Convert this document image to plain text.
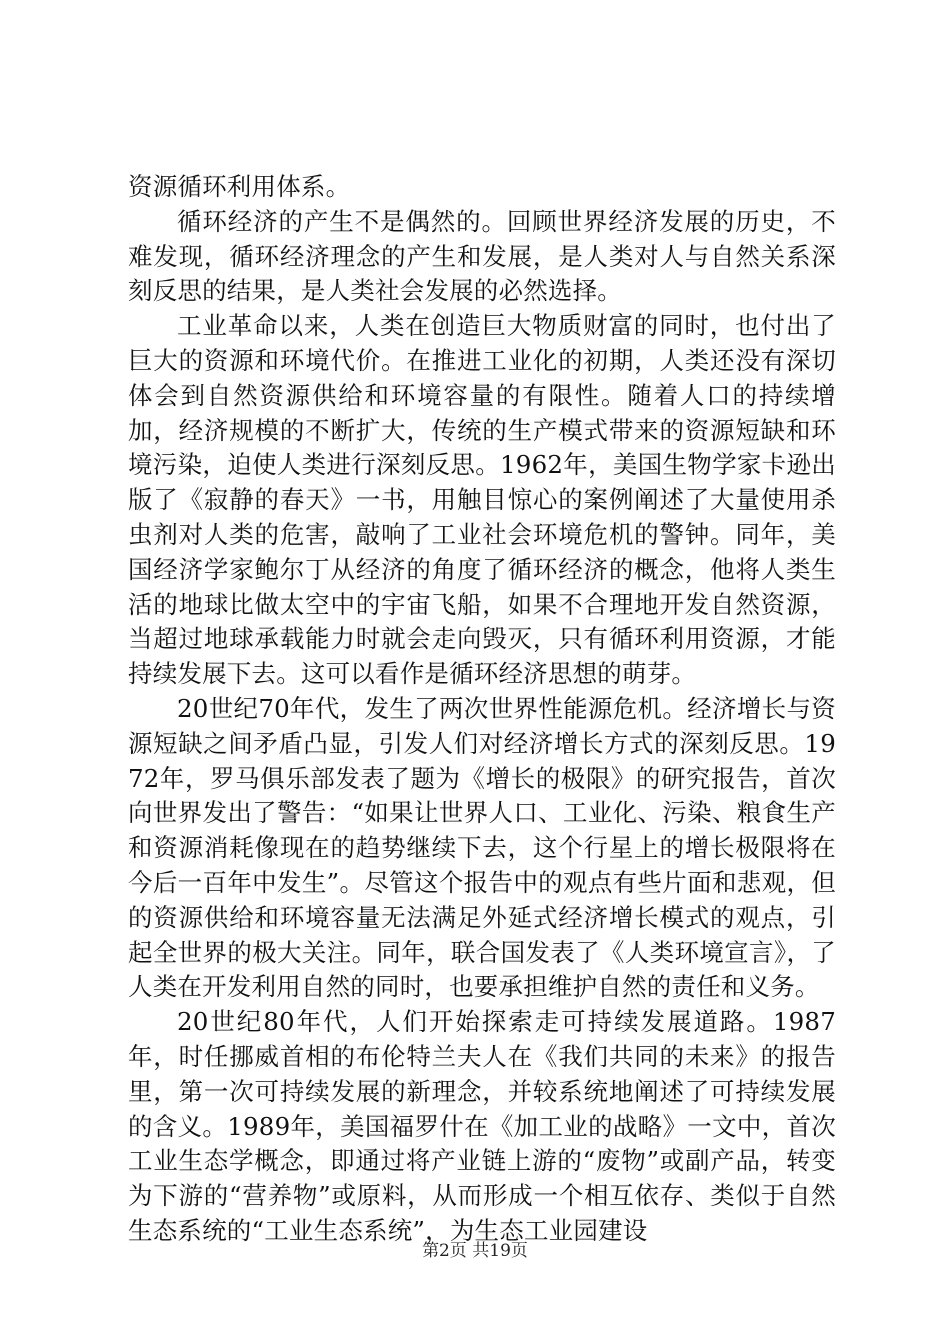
资源循环利用体系。

循环经济的产生不是偶然的。回顾世界经济发展的历史，不难发现，循环经济理念的产生和发展，是人类对人与自然关系深刻反思的结果，是人类社会发展的必然选择。

工业革命以来，人类在创造巨大物质财富的同时，也付出了巨大的资源和环境代价。在推进工业化的初期，人类还没有深切体会到自然资源供给和环境容量的有限性。随着人口的持续增加，经济规模的不断扩大，传统的生产模式带来的资源短缺和环境污染，迫使人类进行深刻反思。1962年，美国生物学家卡逊出版了《寂静的春天》一书，用触目惊心的案例阐述了大量使用杀虫剂对人类的危害，敲响了工业社会环境危机的警钟。同年，美国经济学家鲍尔丁从经济的角度了循环经济的概念，他将人类生活的地球比做太空中的宇宙飞船，如果不合理地开发自然资源，当超过地球承载能力时就会走向毁灭，只有循环利用资源，才能持续发展下去。这可以看作是循环经济思想的萌芽。

20世纪70年代，发生了两次世界性能源危机。经济增长与资源短缺之间矛盾凸显，引发人们对经济增长方式的深刻反思。1972年，罗马俱乐部发表了题为《增长的极限》的研究报告，首次向世界发出了警告：“如果让世界人口、工业化、污染、粮食生产和资源消耗像现在的趋势继续下去，这个行星上的增长极限将在今后一百年中发生”。尽管这个报告中的观点有些片面和悲观，但的资源供给和环境容量无法满足外延式经济增长模式的观点，引起全世界的极大关注。同年，联合国发表了《人类环境宣言》，了人类在开发利用自然的同时，也要承担维护自然的责任和义务。

20世纪80年代，人们开始探索走可持续发展道路。1987年，时任挪威首相的布伦特兰夫人在《我们共同的未来》的报告里，第一次可持续发展的新理念，并较系统地阐述了可持续发展的含义。1989年，美国福罗什在《加工业的战略》一文中，首次工业生态学概念，即通过将产业链上游的“废物”或副产品，转变为下游的“营养物”或原料，从而形成一个相互依存、类似于自然生态系统的“工业生态系统”，为生态工业园建设

第2页 共19页
